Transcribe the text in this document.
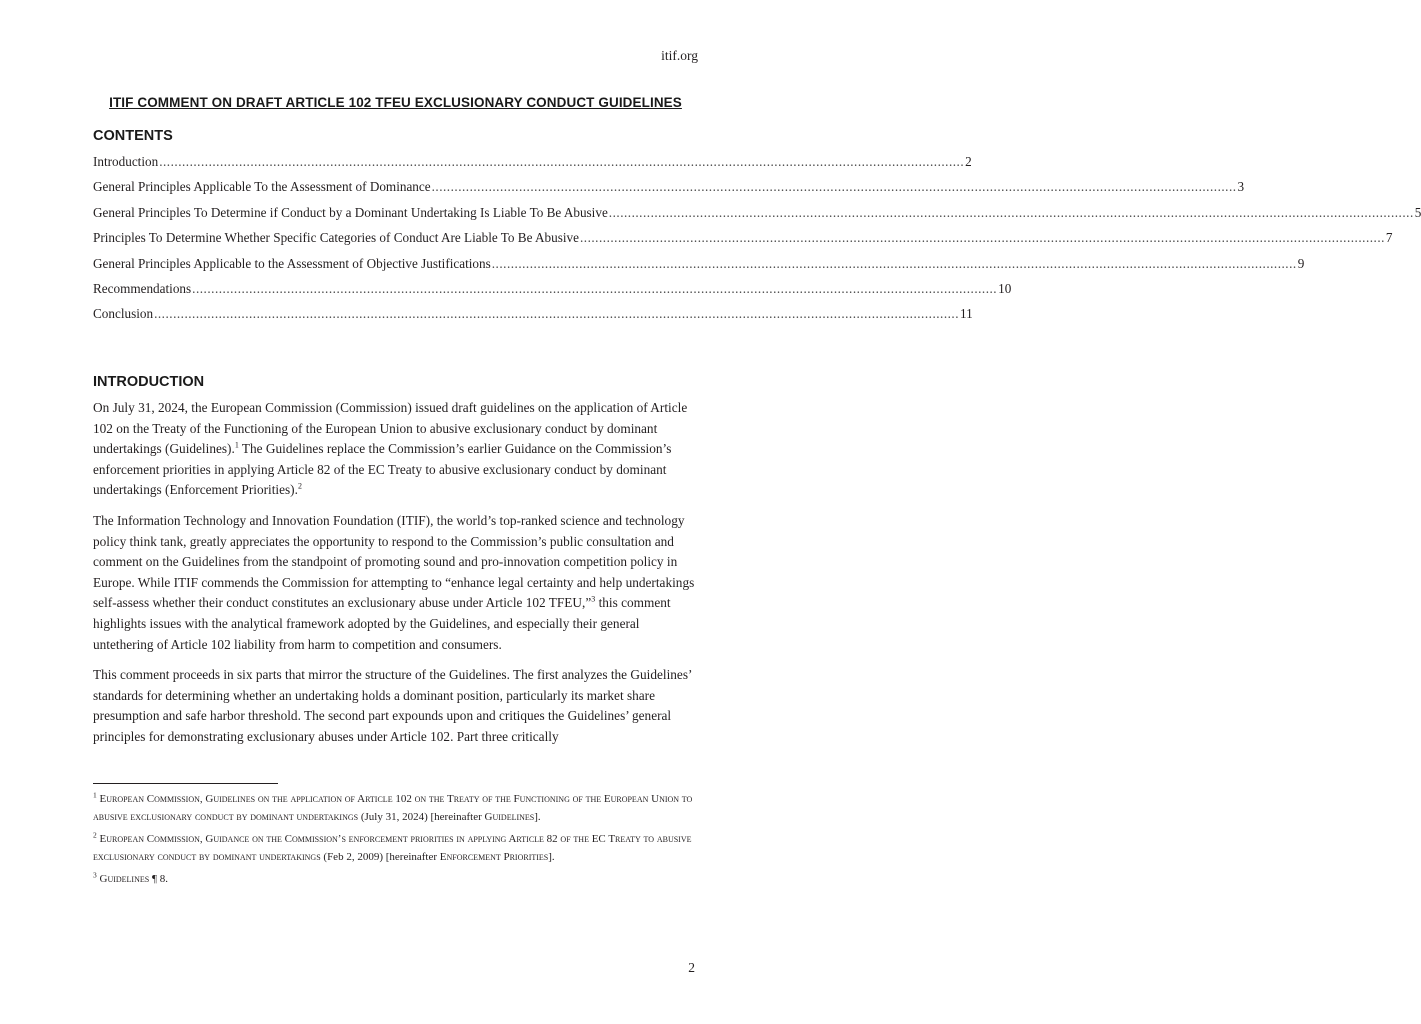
itif.org
ITIF COMMENT ON DRAFT ARTICLE 102 TFEU EXCLUSIONARY CONDUCT GUIDELINES
CONTENTS
Introduction .................................................................................................................................................................................................................... 2
General Principles Applicable To the Assessment of Dominance .................................................................................................................................................................................................................... 3
General Principles To Determine if Conduct by a Dominant Undertaking Is Liable To Be Abusive .................................................................................................................................................................................................................... 5
Principles To Determine Whether Specific Categories of Conduct Are Liable To Be Abusive .................................................................................................................................................................................................................... 7
General Principles Applicable to the Assessment of Objective Justifications .................................................................................................................................................................................................................... 9
Recommendations .................................................................................................................................................................................................................... 10
Conclusion .................................................................................................................................................................................................................... 11
INTRODUCTION

On July 31, 2024, the European Commission (Commission) issued draft guidelines on the application of Article 102 on the Treaty of the Functioning of the European Union to abusive exclusionary conduct by dominant undertakings (Guidelines).$^1$ The Guidelines replace the Commission’s earlier Guidance on the Commission’s enforcement priorities in applying Article 82 of the EC Treaty to abusive exclusionary conduct by dominant undertakings (Enforcement Priorities).$^2$

The Information Technology and Innovation Foundation (ITIF), the world’s top-ranked science and technology policy think tank, greatly appreciates the opportunity to respond to the Commission’s public consultation and comment on the Guidelines from the standpoint of promoting sound and pro-innovation competition policy in Europe. While ITIF commends the Commission for attempting to “enhance legal certainty and help undertakings self-assess whether their conduct constitutes an exclusionary abuse under Article 102 TFEU,”$^3$ this comment highlights issues with the analytical framework adopted by the Guidelines, and especially their general untethering of Article 102 liability from harm to competition and consumers.

This comment proceeds in six parts that mirror the structure of the Guidelines. The first analyzes the Guidelines’ standards for determining whether an undertaking holds a dominant position, particularly its market share presumption and safe harbor threshold. The second part expounds upon and critiques the Guidelines’ general principles for demonstrating exclusionary abuses under Article 102. Part three critically

$^1$ European Commission, Guidelines on the application of Article 102 on the Treaty of the Functioning of the European Union to abusive exclusionary conduct by dominant undertakings (July 31, 2024) [hereinafter Guidelines].
$^2$ European Commission, Guidance on the Commission’s enforcement priorities in applying Article 82 of the EC Treaty to abusive exclusionary conduct by dominant undertakings (Feb 2, 2009) [hereinafter Enforcement Priorities].
$^3$ Guidelines ¶ 8.
2
